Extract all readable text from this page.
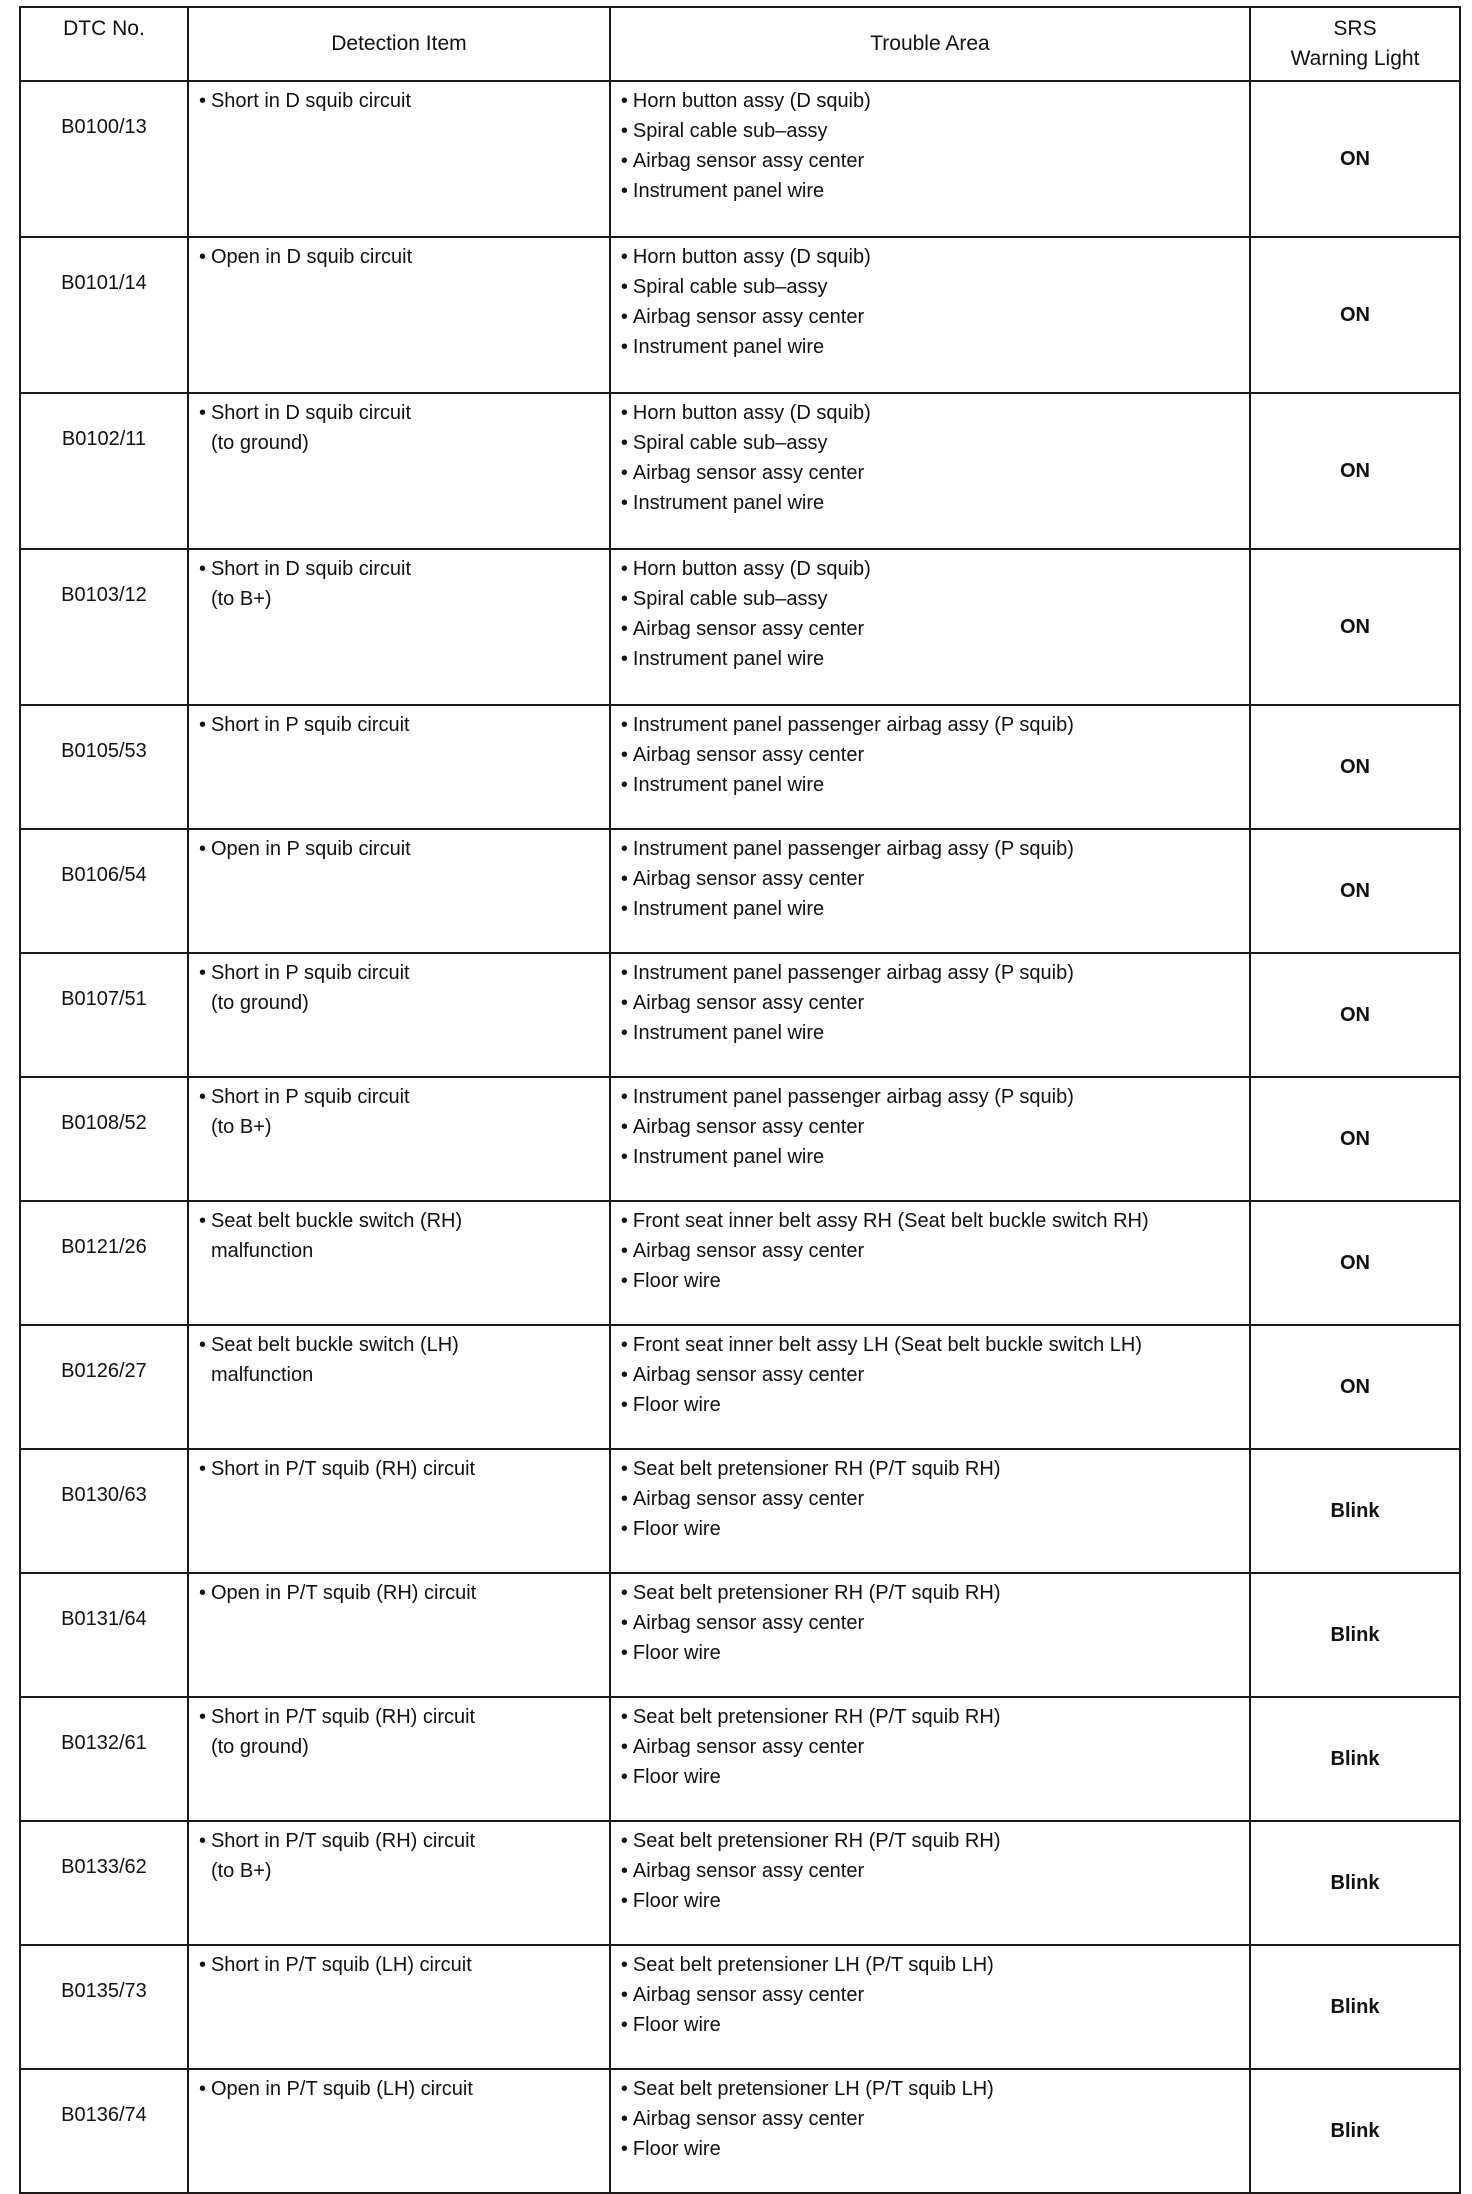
DTC No.	Detection Item	Trouble Area	SRS
Warning Light

B0100/13	• Short in D squib circuit	• Horn button assy (D squib)
• Spiral cable sub–assy
• Airbag sensor assy center
• Instrument panel wire	ON
B0101/14	• Open in D squib circuit	• Horn button assy (D squib)
• Spiral cable sub–assy
• Airbag sensor assy center
• Instrument panel wire	ON
B0102/11	• Short in D squib circuit
(to ground)	• Horn button assy (D squib)
• Spiral cable sub–assy
• Airbag sensor assy center
• Instrument panel wire	ON
B0103/12	• Short in D squib circuit
(to B+)	• Horn button assy (D squib)
• Spiral cable sub–assy
• Airbag sensor assy center
• Instrument panel wire	ON
B0105/53	• Short in P squib circuit	• Instrument panel passenger airbag assy (P squib)
• Airbag sensor assy center
• Instrument panel wire	ON
B0106/54	• Open in P squib circuit	• Instrument panel passenger airbag assy (P squib)
• Airbag sensor assy center
• Instrument panel wire	ON
B0107/51	• Short in P squib circuit
(to ground)	• Instrument panel passenger airbag assy (P squib)
• Airbag sensor assy center
• Instrument panel wire	ON
B0108/52	• Short in P squib circuit
(to B+)	• Instrument panel passenger airbag assy (P squib)
• Airbag sensor assy center
• Instrument panel wire	ON
B0121/26	• Seat belt buckle switch (RH)
malfunction	• Front seat inner belt assy RH (Seat belt buckle switch RH)
• Airbag sensor assy center
• Floor wire	ON
B0126/27	• Seat belt buckle switch (LH)
malfunction	• Front seat inner belt assy LH (Seat belt buckle switch LH)
• Airbag sensor assy center
• Floor wire	ON
B0130/63	• Short in P/T squib (RH) circuit	• Seat belt pretensioner RH (P/T squib RH)
• Airbag sensor assy center
• Floor wire	Blink
B0131/64	• Open in P/T squib (RH) circuit	• Seat belt pretensioner RH (P/T squib RH)
• Airbag sensor assy center
• Floor wire	Blink
B0132/61	• Short in P/T squib (RH) circuit
(to ground)	• Seat belt pretensioner RH (P/T squib RH)
• Airbag sensor assy center
• Floor wire	Blink
B0133/62	• Short in P/T squib (RH) circuit
(to B+)	• Seat belt pretensioner RH (P/T squib RH)
• Airbag sensor assy center
• Floor wire	Blink
B0135/73	• Short in P/T squib (LH) circuit	• Seat belt pretensioner LH (P/T squib LH)
• Airbag sensor assy center
• Floor wire	Blink
B0136/74	• Open in P/T squib (LH) circuit	• Seat belt pretensioner LH (P/T squib LH)
• Airbag sensor assy center
• Floor wire	Blink
